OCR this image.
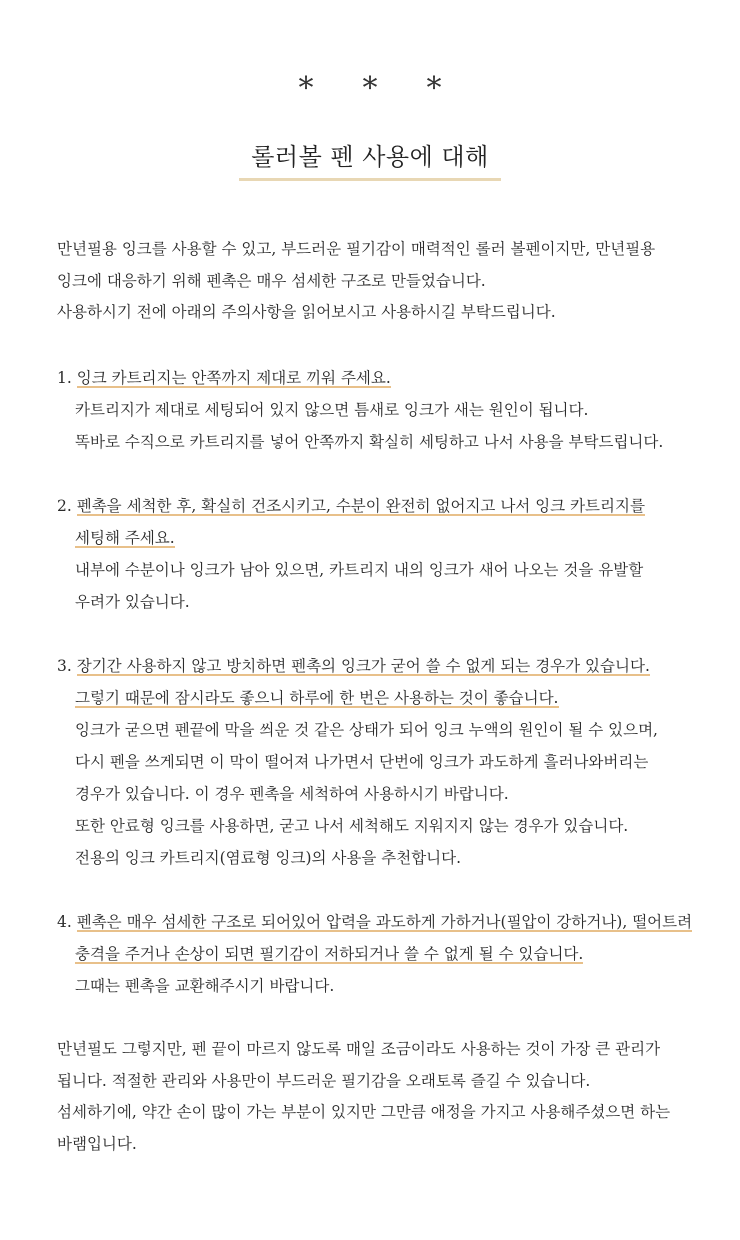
* * *
롤러볼 펜 사용에 대해
만년필용 잉크를 사용할 수 있고, 부드러운 필기감이 매력적인 롤러 볼펜이지만, 만년필용
잉크에 대응하기 위해 펜촉은 매우 섬세한 구조로 만들었습니다.
사용하시기 전에 아래의 주의사항을 읽어보시고 사용하시길 부탁드립니다.
1. 잉크 카트리지는 안쪽까지 제대로 끼워 주세요.
카트리지가 제대로 세팅되어 있지 않으면 틈새로 잉크가 새는 원인이 됩니다.
똑바로 수직으로 카트리지를 넣어 안쪽까지 확실히 세팅하고 나서 사용을 부탁드립니다.
2. 펜촉을 세척한 후, 확실히 건조시키고, 수분이 완전히 없어지고 나서 잉크 카트리지를
세팅해 주세요.
내부에 수분이나 잉크가 남아 있으면, 카트리지 내의 잉크가 새어 나오는 것을 유발할
우려가 있습니다.
3. 장기간 사용하지 않고 방치하면 펜촉의 잉크가 굳어 쓸 수 없게 되는 경우가 있습니다.
그렇기 때문에 잠시라도 좋으니 하루에 한 번은 사용하는 것이 좋습니다.
잉크가 굳으면 펜끝에 막을 씌운 것 같은 상태가 되어 잉크 누액의 원인이 될 수 있으며,
다시 펜을 쓰게되면 이 막이 떨어져 나가면서 단번에 잉크가 과도하게 흘러나와버리는
경우가 있습니다. 이 경우 펜촉을 세척하여 사용하시기 바랍니다.
또한 안료형 잉크를 사용하면, 굳고 나서 세척해도 지워지지 않는 경우가 있습니다.
전용의 잉크 카트리지(염료형 잉크)의 사용을 추천합니다.
4. 펜촉은 매우 섬세한 구조로 되어있어 압력을 과도하게 가하거나(필압이 강하거나), 떨어트려
충격을 주거나 손상이 되면 필기감이 저하되거나 쓸 수 없게 될 수 있습니다.
그때는 펜촉을 교환해주시기 바랍니다.
만년필도 그렇지만, 펜 끝이 마르지 않도록 매일 조금이라도 사용하는 것이 가장 큰 관리가
됩니다. 적절한 관리와 사용만이 부드러운 필기감을 오래토록 즐길 수 있습니다.
섬세하기에, 약간 손이 많이 가는 부분이 있지만 그만큼 애정을 가지고 사용해주셨으면 하는
바램입니다.
